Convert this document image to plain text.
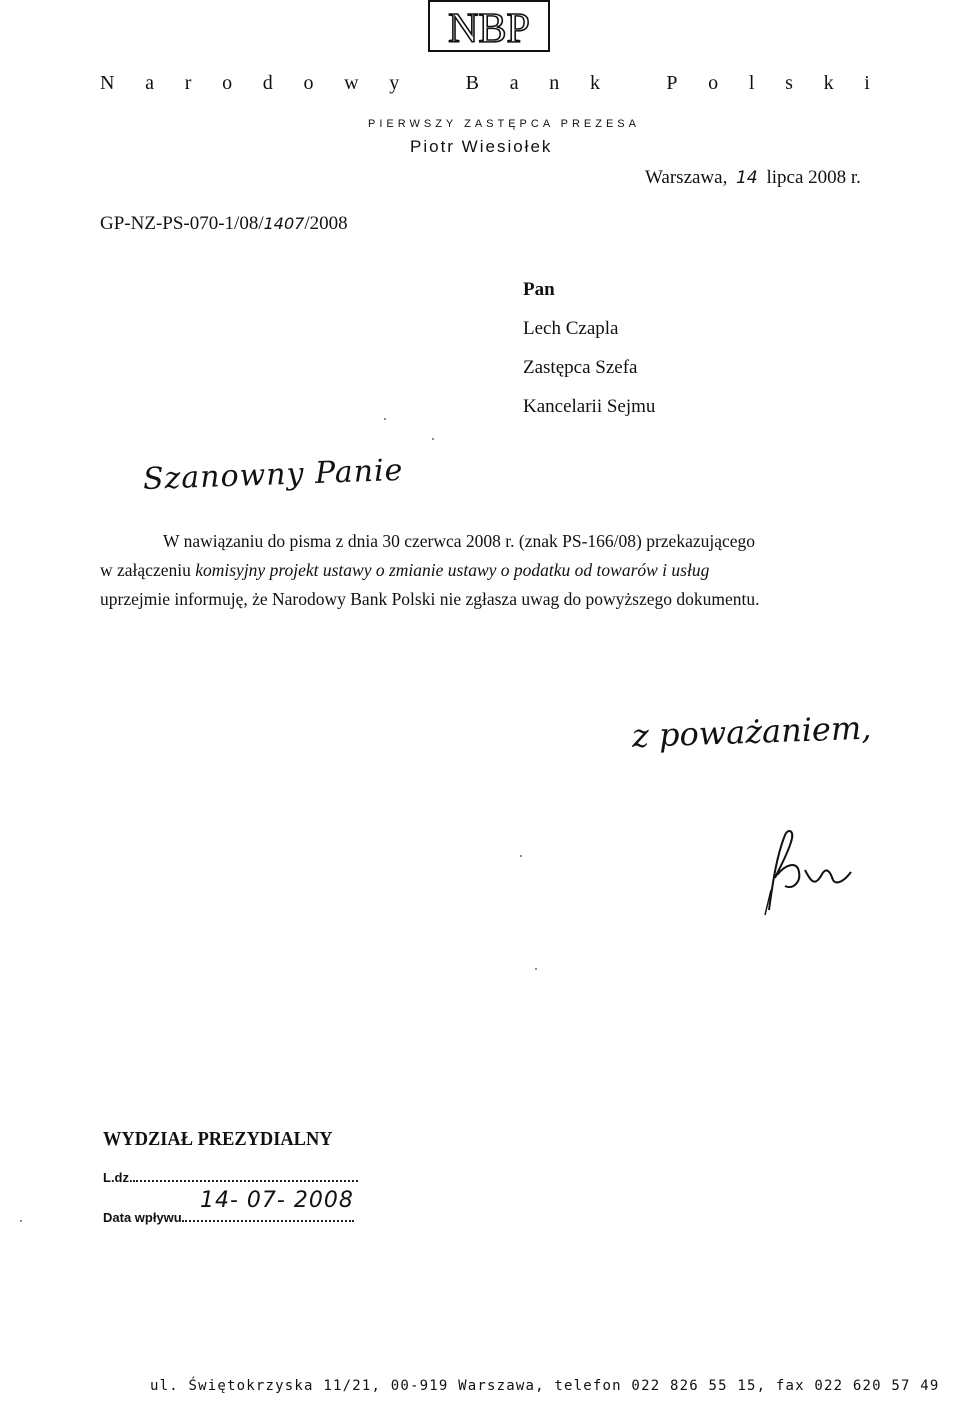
NBP
N a r o d o w y
	B a n k
	P o l s k i
PIERWSZY ZASTĘPCA PREZESA
Piotr Wiesiołek
Warszawa, 14 lipca 2008 r.
GP-NZ-PS-070-1/08/1407/2008
Pan
Lech Czapla
Zastępca Szefa
Kancelarii Sejmu
Szanowny Panie

W nawiązaniu do pisma z dnia 30 czerwca 2008 r. (znak PS-166/08) przekazującego

w załączeniu komisyjny projekt ustawy o zmianie ustawy o podatku od towarów i usług

uprzejmie informuję, że Narodowy Bank Polski nie zgłasza uwag do powyższego dokumentu.

z poważaniem,
WYDZIAŁ PREZYDIALNY
L.dz.
Data wpływu
14- 07- 2008
ul. Świętokrzyska 11/21, 00-919 Warszawa, telefon 022 826 55 15, fax 022 620 57 49
